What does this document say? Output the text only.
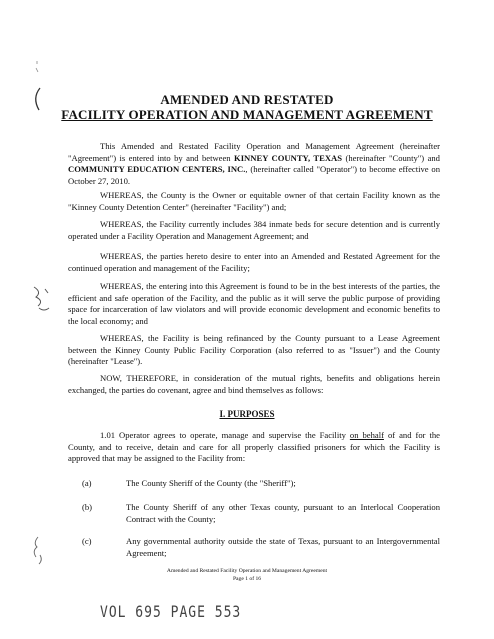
AMENDED AND RESTATED
FACILITY OPERATION AND MANAGEMENT AGREEMENT

This Amended and Restated Facility Operation and Management Agreement (hereinafter "Agreement") is entered into by and between KINNEY COUNTY, TEXAS (hereinafter "County") and COMMUNITY EDUCATION CENTERS, INC., (hereinafter called "Operator") to become effective on October 27, 2010.

WHEREAS, the County is the Owner or equitable owner of that certain Facility known as the "Kinney County Detention Center" (hereinafter "Facility") and;

WHEREAS, the Facility currently includes 384 inmate beds for secure detention and is currently operated under a Facility Operation and Management Agreement; and

WHEREAS, the parties hereto desire to enter into an Amended and Restated Agreement for the continued operation and management of the Facility;

WHEREAS, the entering into this Agreement is found to be in the best interests of the parties, the efficient and safe operation of the Facility, and the public as it will serve the public purpose of providing space for incarceration of law violators and will provide economic development and economic benefits to the local economy; and

WHEREAS, the Facility is being refinanced by the County pursuant to a Lease Agreement between the Kinney County Public Facility Corporation (also referred to as "Issuer") and the County (hereinafter "Lease").

NOW, THEREFORE, in consideration of the mutual rights, benefits and obligations herein exchanged, the parties do covenant, agree and bind themselves as follows:

I. PURPOSES

1.01 Operator agrees to operate, manage and supervise the Facility on behalf of and for the County, and to receive, detain and care for all properly classified prisoners for which the Facility is approved that may be assigned to the Facility from:

(a)	The County Sheriff of the County (the "Sheriff");
(b)	The County Sheriff of any other Texas county, pursuant to an Interlocal Cooperation Contract with the County;
(c)	Any governmental authority outside the state of Texas, pursuant to an Intergovernmental Agreement;
Amended and Restated Facility Operation and Management Agreement
Page 1 of 16
VOL 695 PAGE 553
